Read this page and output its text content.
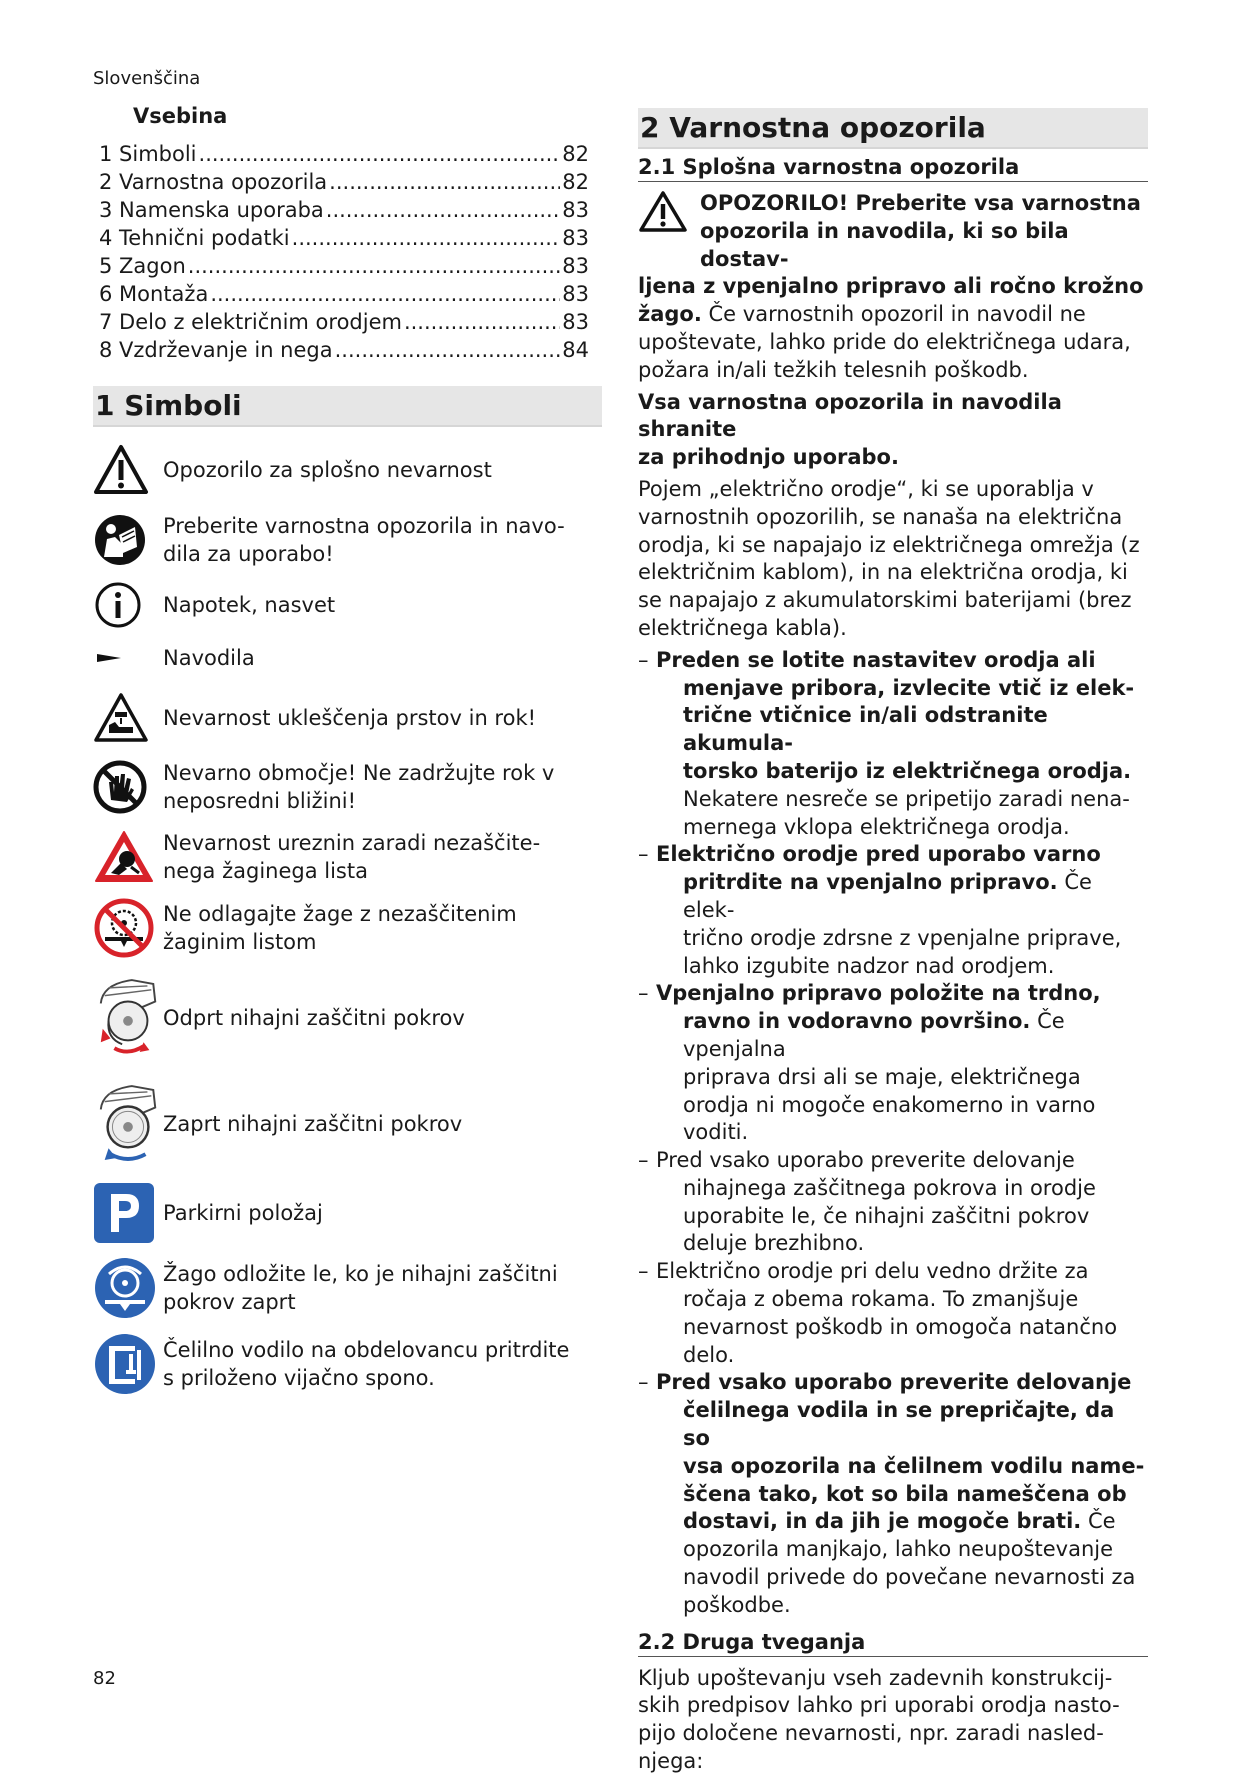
Slovenščina
Vsebina
1 Simboli .....	82
2 Varnostna opozorila .....	82
3 Namenska uporaba .....	83
4 Tehnični podatki .....	83
5 Zagon .....	83
6 Montaža .....	83
7 Delo z električnim orodjem .....	83
8 Vzdrževanje in nega .....	84
1 Simboli
Opozorilo za splošno nevarnost
Preberite varnostna opozorila in navo-
dila za uporabo!
Napotek, nasvet
Navodila
Nevarnost ukleščenja prstov in rok!
Nevarno območje! Ne zadržujte rok v
neposredni bližini!
Nevarnost ureznin zaradi nezaščite-
nega žaginega lista
Ne odlagajte žage z nezaščitenim
žaginim listom
Odprt nihajni zaščitni pokrov
Zaprt nihajni zaščitni pokrov
Parkirni položaj
Žago odložite le, ko je nihajni zaščitni
pokrov zaprt
Čelilno vodilo na obdelovancu pritrdite
s priloženo vijačno spono.
2 Varnostna opozorila
2.1 Splošna varnostna opozorila
OPOZORILO! Preberite vsa varnostna
opozorila in navodila, ki so bila dostav-
ljena z vpenjalno pripravo ali ročno krožno
žago. Če varnostnih opozoril in navodil ne
upoštevate, lahko pride do električnega udara,
požara in/ali težkih telesnih poškodb.
Vsa varnostna opozorila in navodila shranite
za prihodnjo uporabo.
Pojem „električno orodje“, ki se uporablja v
varnostnih opozorilih, se nanaša na električna
orodja, ki se napajajo iz električnega omrežja (z
električnim kablom), in na električna orodja, ki
se napajajo z akumulatorskimi baterijami (brez
električnega kabla).
– Preden se lotite nastavitev orodja ali
menjave pribora, izvlecite vtič iz elek-
trične vtičnice in/ali odstranite akumula-
torsko baterijo iz električnega orodja.
Nekatere nesreče se pripetijo zaradi nena-
mernega vklopa električnega orodja.
– Električno orodje pred uporabo varno
pritrdite na vpenjalno pripravo. Če elek-
trično orodje zdrsne z vpenjalne priprave,
lahko izgubite nadzor nad orodjem.
– Vpenjalno pripravo položite na trdno,
ravno in vodoravno površino. Če vpenjalna
priprava drsi ali se maje, električnega
orodja ni mogoče enakomerno in varno
voditi.
– Pred vsako uporabo preverite delovanje
nihajnega zaščitnega pokrova in orodje
uporabite le, če nihajni zaščitni pokrov
deluje brezhibno.
– Električno orodje pri delu vedno držite za
ročaja z obema rokama. To zmanjšuje
nevarnost poškodb in omogoča natančno
delo.
– Pred vsako uporabo preverite delovanje
čelilnega vodila in se prepričajte, da so
vsa opozorila na čelilnem vodilu name-
ščena tako, kot so bila nameščena ob
dostavi, in da jih je mogoče brati. Če
opozorila manjkajo, lahko neupoštevanje
navodil privede do povečane nevarnosti za
poškodbe.
2.2 Druga tveganja
Kljub upoštevanju vseh zadevnih konstrukcij-
skih predpisov lahko pri uporabi orodja nasto-
pijo določene nevarnosti, npr. zaradi nasled-
njega:
82
